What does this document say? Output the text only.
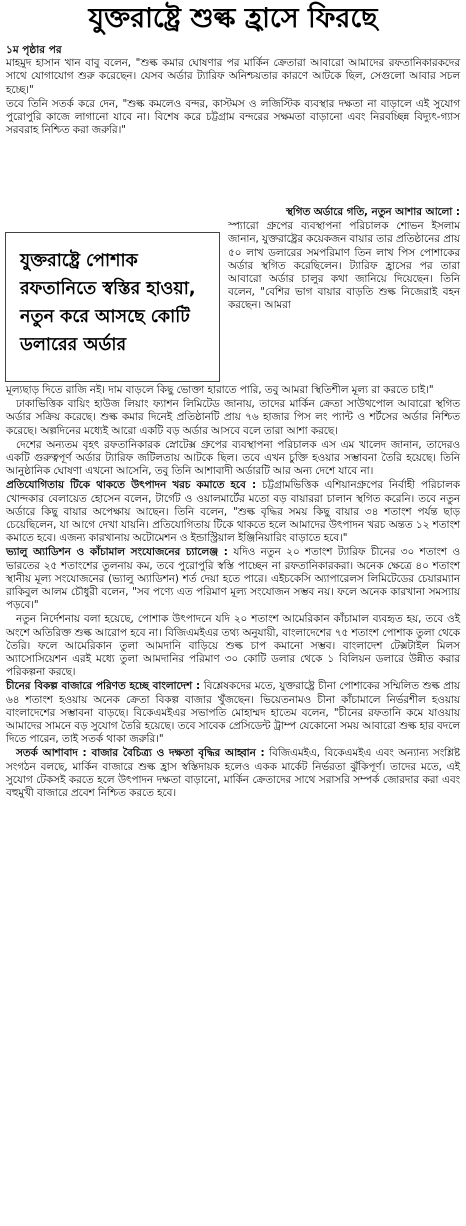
যুক্তরাষ্ট্রে শুল্ক হ্রাসে ফিরছে
১ম পৃষ্ঠার পর

মাহমুদ হাসান খান বাবু বলেন, "শুল্ক কমার ঘোষণার পর মার্কিন ক্রেতারা আবারো আমাদের রফতানিকারকদের সাথে যোগাযোগ শুরু করেছেন। যেসব অর্ডার ট্যারিফ অনিশ্চয়তার কারণে আটকে ছিল, সেগুলো আবার সচল হচ্ছে।"

তবে তিনি সতর্ক করে দেন, "শুল্ক কমলেও বন্দর, কাস্টমস ও লজিস্টিক ব্যবস্থার দক্ষতা না বাড়ালে এই সুযোগ পুরোপুরি কাজে লাগানো যাবে না। বিশেষ করে চট্টগ্রাম বন্দরের সক্ষমতা বাড়ানো এবং নিরবচ্ছিন্ন বিদ্যুৎ-গ্যাস সরবরাহ নিশ্চিত করা জরুরি।"

স্থগিত অর্ডারে গতি, নতুন আশার আলো :

স্প্যারো গ্রুপের ব্যবস্থাপনা পরিচালক শোভন ইসলাম জানান, যুক্তরাষ্ট্রের কয়েকজন বায়ার তার প্রতিষ্ঠানের প্রায় ৫০ লাখ ডলারের সমপরিমাণ তিন লাখ পিস পোশাকের অর্ডার স্থগিত করেছিলেন। ট্যারিফ হ্রাসের পর তারা আবারো অর্ডার চালুর কথা জানিয়ে দিয়েছেন। তিনি বলেন, "বেশির ভাগ বায়ার বাড়তি শুল্ক নিজেরাই বহন করছেন। আমরা

যুক্তরাষ্ট্রে পোশাক রফতানিতে স্বস্তির হাওয়া, নতুন করে আসছে কোটি ডলারের অর্ডার

মূল্যছাড় দিতে রাজি নই। দাম বাড়লে কিছু ভোক্তা হারাতে পারি, তবু আমরা স্থিতিশীল মূল্য রা করতে চাই।"

ঢাকাভিত্তিক বায়িং হাউজ লিয়াং ফ্যাশন লিমিটেড জানায়, তাদের মার্কিন ক্রেতা সাউথপোল আবারো স্থগিত অর্ডার সক্রিয় করেছে। শুল্ক কমার দিনেই প্রতিষ্ঠানটি প্রায় ৭৬ হাজার পিস লং প্যান্ট ও শর্টসের অর্ডার নিশ্চিত করেছে। অল্পদিনের মধ্যেই আরো একটি বড় অর্ডার আসবে বলে তারা আশা করছে।

দেশের অন্যতম বৃহৎ রফতানিকারক স্নোটেক্স গ্রুপের ব্যবস্থাপনা পরিচালক এস এম খালেদ জানান, তাদেরও একটি গুরুত্বপূর্ণ অর্ডার ট্যারিফ জটিলতায় আটকে ছিল। তবে এখন চুক্তি হওয়ার সম্ভাবনা তৈরি হয়েছে। তিনি আনুষ্ঠানিক ঘোষণা এখনো আসেনি, তবু তিনি আশাবাদী অর্ডারটি আর অন্য দেশে যাবে না।

প্রতিযোগিতায় টিকে থাকতে উৎপাদন খরচ কমাতে হবে : চট্টগ্রামভিত্তিক এশিয়ানগ্রুপের নির্বাহী পরিচালক খোন্দকার বেলায়েত হোসেন বলেন, টার্গেট ও ওয়ালমার্টের মতো বড় বায়াররা চালান স্থগিত করেনি। তবে নতুন অর্ডারে কিছু বায়ার অপেক্ষায় আছেন। তিনি বলেন, "শুল্ক বৃদ্ধির সময় কিছু বায়ার ৩৪ শতাংশ পর্যন্ত ছাড় চেয়েছিলেন, যা আগে দেখা যায়নি। প্রতিযোগিতায় টিকে থাকতে হলে আমাদের উৎপাদন খরচ অন্তত ১২ শতাংশ কমাতে হবে। এজন্য কারখানায় অটোমেশন ও ইন্ডাস্ট্রিয়াল ইঞ্জিনিয়ারিং বাড়াতে হবে।"

ভ্যালু অ্যাডিশন ও কাঁচামাল সংযোজনের চ্যালেঞ্জ : যদিও নতুন ২০ শতাংশ ট্যারিফ চীনের ৩০ শতাংশ ও ভারতের ২৫ শতাংশের তুলনায় কম, তবে পুরোপুরি স্বস্তি পাচ্ছেন না রফতানিকারকরা। অনেক ক্ষেত্রে ৪০ শতাংশ স্থানীয় মূল্য সংযোজনের (ভ্যালু অ্যাডিশন) শর্ত দেয়া হতে পারে। এইচকেসি অ্যাপারেলস লিমিটেডের চেয়ারম্যান রাকিবুল আলম চৌধুরী বলেন, "সব পণ্যে এত পরিমাণ মূল্য সংযোজন সম্ভব নয়। ফলে অনেক কারখানা সমস্যায় পড়বে।"

নতুন নির্দেশনায় বলা হয়েছে, পোশাক উৎপাদনে যদি ২০ শতাংশ আমেরিকান কাঁচামাল ব্যবহৃত হয়, তবে ওই অংশে অতিরিক্ত শুল্ক আরোপ হবে না। বিজিএমইএর তথ্য অনুযায়ী, বাংলাদেশের ৭৫ শতাংশ পোশাক তুলা থেকে তৈরি। ফলে আমেরিকান তুলা আমদানি বাড়িয়ে শুল্ক চাপ কমানো সম্ভব। বাংলাদেশ টেক্সটাইল মিলস অ্যাসোসিয়েশন এরই মধ্যে তুলা আমদানির পরিমাণ ৩০ কোটি ডলার থেকে ১ বিলিয়ন ডলারে উন্নীত করার পরিকল্পনা করছে।

চীনের বিকল্প বাজারে পরিণত হচ্ছে বাংলাদেশ : বিশ্লেষকদের মতে, যুক্তরাষ্ট্রে চীনা পোশাকের সম্মিলিত শুল্ক প্রায় ৬৪ শতাংশ হওয়ায় অনেক ক্রেতা বিকল্প বাজার খুঁজছেন। ভিয়েতনামও চীনা কাঁচামালে নির্ভরশীল হওয়ায় বাংলাদেশের সম্ভাবনা বাড়ছে। বিকেএমইএর সভাপতি মোহাম্মদ হাতেম বলেন, "চীনের রফতানি কমে যাওয়ায় আমাদের সামনে বড় সুযোগ তৈরি হয়েছে। তবে সাবেক প্রেসিডেন্ট ট্রাম্প যেকোনো সময় আবারো শুল্ক হার বদলে দিতে পারেন, তাই সতর্ক থাকা জরুরি।"

সতর্ক আশাবাদ : বাজার বৈচিত্র্য ও দক্ষতা বৃদ্ধির আহ্বান : বিজিএমইএ, বিকেএমইএ এবং অন্যান্য সংশ্লিষ্ট সংগঠন বলছে, মার্কিন বাজারে শুল্ক হ্রাস স্বস্তিদায়ক হলেও একক মার্কেট নির্ভরতা ঝুঁকিপূর্ণ। তাদের মতে, এই সুযোগ টেকসই করতে হলে উৎপাদন দক্ষতা বাড়ানো, মার্কিন ক্রেতাদের সাথে সরাসরি সম্পর্ক জোরদার করা এবং বহুমুখী বাজারে প্রবেশ নিশ্চিত করতে হবে।
